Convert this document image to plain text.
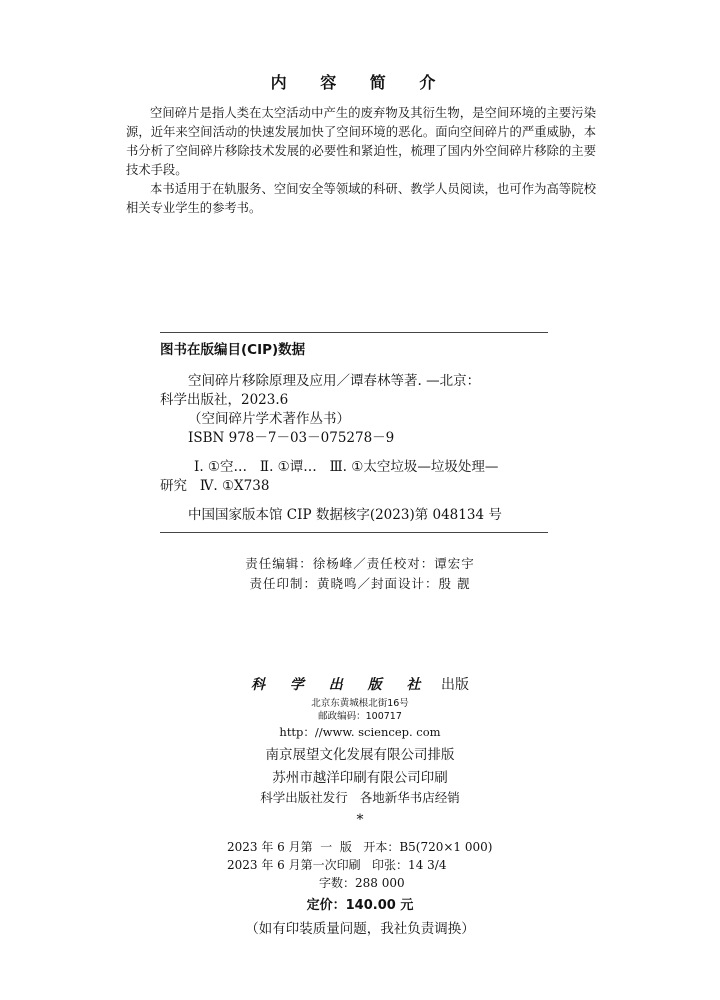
内 容 简 介

空间碎片是指人类在太空活动中产生的废弃物及其衍生物，是空间环境的主要污染源，近年来空间活动的快速发展加快了空间环境的恶化。面向空间碎片的严重威胁，本书分析了空间碎片移除技术发展的必要性和紧迫性，梳理了国内外空间碎片移除的主要技术手段。

本书适用于在轨服务、空间安全等领域的科研、教学人员阅读，也可作为高等院校相关专业学生的参考书。

图书在版编目(CIP)数据
空间碎片移除原理及应用／谭春林等著. —北京：
科学出版社，2023.6
（空间碎片学术著作丛书）
ISBN 978－7－03－075278－9
Ⅰ. ①空…   Ⅱ. ①谭…   Ⅲ. ①太空垃圾—垃圾处理—
研究   Ⅳ. ①X738
中国国家版本馆 CIP 数据核字(2023)第 048134 号
责任编辑：徐杨峰／责任校对：谭宏宇
责任印制：黄晓鸣／封面设计：殷 靓
科 学 出 版 社 出版
北京东黄城根北街16号
邮政编码：100717
http：//www. sciencep. com
南京展望文化发展有限公司排版
苏州市越洋印刷有限公司印刷
科学出版社发行   各地新华书店经销
*
2023 年 6 月第  一  版   开本：B5(720×1 000)
2023 年 6 月第一次印刷   印张：14 3/4
字数：288 000
定价：140.00 元
（如有印装质量问题，我社负责调换）
